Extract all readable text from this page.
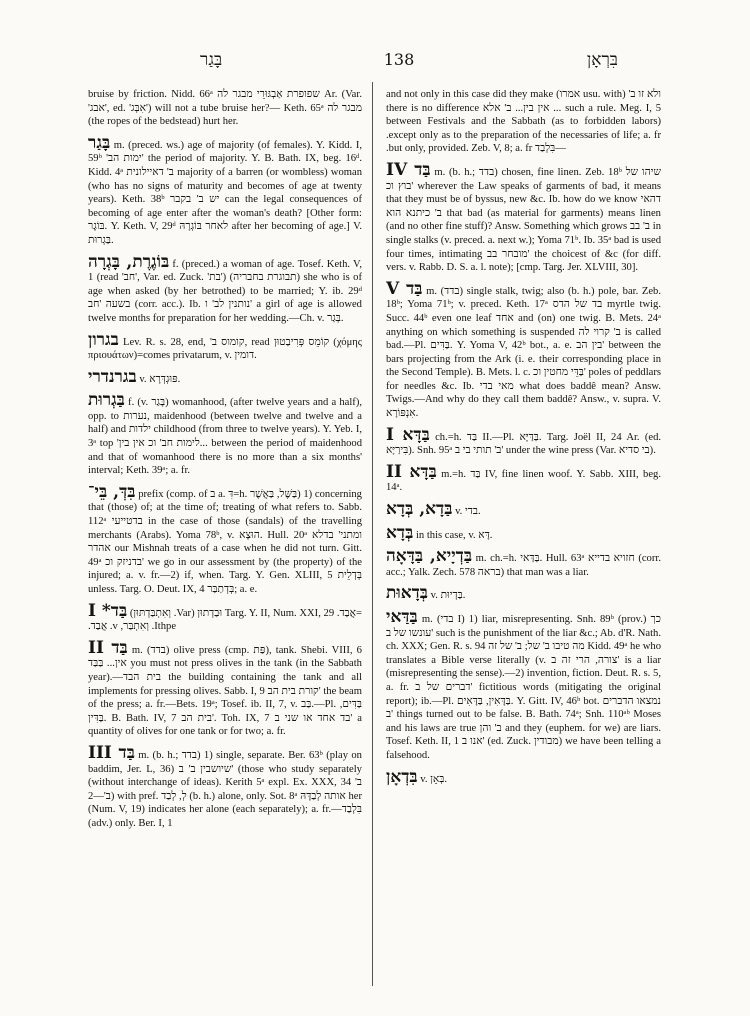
בָּגַר	138	בִּרְאָן

bruise by friction. Nidd. 66ᵃ שפופרת אַבְגּוּרֵי מבגר לה Ar. (Var. 'אבג', ed. 'אִבְּג') will not a tube bruise her?— Keth. 65ᵃ מבגר לה (the ropes of the bedstead) hurt her.

בָּגַר m. (preced. ws.) age of majority (of females). Y. Kidd. I, 59ᵇ 'ימות הב' the period of majority. Y. B. Bath. IX, beg. 16ᵈ. Kidd. 4ᵃ ב' דאיילונית majority of a barren (or wombless) woman (who has no signs of maturity and becomes of age at twenty years). Keth. 38ᵇ יש ב' בקבר can the legal consequences of becoming of age enter after the woman's death? [Other form: בּוֹגֶר. Y. Keth. V, 29ᵈ לאחר בּוֹגְרָהּ after her becoming of age.] V. בַּגְרוּת.

בּוֹגֶרֶת, בָּגְרָה f. (preced.) a woman of age. Tosef. Keth. V, 1 (read 'חב', Var. ed. Zuck. 'בת') (תבוגרת בחבריה) she who is of age when asked (by her betrothed) to be married; Y. ib. 29ᵈ בשעה 'חב (corr. acc.). Ib. נותנין לב' ו' a girl of age is allowed twelve months for preparation for her wedding.—Ch. v. בְּגַר.

בגרון Lev. R. s. 28, end, 'קומוס ב, read קוֹמֵס פְּרִיבַטוּן (χόμης πριουάτων)=comes privatarum, v. דומין.

בגרנדרי v. פּוּגְדְּרָא.

בַּגְרוּת f. (v. בָּגַר) womanhood, (after twelve years and a half), opp. to נערות, maidenhood (between twelve and twelve and a half) and ילדות childhood (from three to twelve years). Y. Yeb. I, 3ᵃ top 'לימות חב' וכ אין בין... between the period of maidenhood and that of womanhood there is no more than a six months' interval; Keth. 39ᵃ; a. fr.

בִּדְּ, בֵּי־ prefix (comp. of ב a. דִּ=h. בַּשֶּׁל, בַּאֲשֶׁר) 1) concerning that (those) of; at the time of; treating of what refers to. Sabb. 112ᵃ בדטייעי in the case of those (sandals) of the travelling merchants (Arabs). Yoma 78ᵇ, v. הוּצָא. Hull. 20ᵃ ומתני' בדלא אהדר our Mishnah treats of a case when he did not turn. Gitt. 49ᵃ בדניזק וכ' we go in our assessment by (the property) of the injured; a. v. fr.—2) if, when. Targ. Y. Gen. XLIII, 5 בְּדְלֵית unless. Targ. O. Deut. IX, 4 בְּדְתַבַּר; a. e.

בַּד* I =אֲבַד. Targ. Y. II, Num. XXI, 29 וּבַדְתוּן (Var. וְאִתְבַּדְתּוּן) Ithpe. וְאִתְבַּר, v. אֲבַד.

בַּד II m. (בדד) olive press (cmp. פַּת), tank. Shebi. VIII, 6 אין... בַּבַּד you must not press olives in the tank (in the Sabbath year).—בית הבד the building containing the tank and all implements for pressing olives. Sabb. I, 9 קורת בית הב' the beam of the press; a. fr.—Bets. 19ᵃ; Tosef. ib. II, 7, v. בַּב.—Pl. בַּדִּים, בַּדִּין. B. Bath. IV, 7 בית הב'. Toh. IX, 7 בד אחד או שני ב' a quantity of olives for one tank or for two; a. fr.

בַּד III m. (b. h.; בדד) 1) single, separate. Ber. 63ᵇ (play on baddim, Jer. L, 36) שיושבין ב' ב' (those who study separately (without interchange of ideas). Kerith 5ᵃ expl. Ex. XXX, 34 ב' ב'—2) with pref. לְ, לְבַד (b. h.) alone, only. Sot. 8ᵃ אותה לְבַדָּהּ her (Num. V, 19) indicates her alone (each separately); a. fr.—בִּלְבַד (adv.) only. Ber. I, 1

ולא זו ב' (usu. with אמרו) and not only in this case did they make such a rule. Meg. I, 5 ... אין בין... ב' אלא there is no difference between Festivals and the Sabbath (as to forbidden labors) except only as to the preparation of the necessaries of life; a. fr.—בִּלְבַד but only, provided. Zeb. V, 8; a. fr.

בַּד IV m. (b. h.; בדד) chosen, fine linen. Zeb. 18ᵇ שיהו של בוץ וכ' wherever the Law speaks of garments of bad, it means that they must be of byssus, new &c. Ib. how do we know דהאי ב' כיתנא הוא that bad (as material for garments) means linen (and no other fine stuff)? Answ. Something which grows ב' בב in single stalks (v. preced. a. next w.); Yoma 71ᵇ. Ib. 35ᵃ bad is used four times, intimating מובחר בב' the choicest of &c (for diff. vers. v. Rabb. D. S. a. l. note); [cmp. Targ. Jer. XLVIII, 30].

בַּד V m. (בדד) single stalk, twig; also (b. h.) pole, bar. Zeb. 18ᵇ; Yoma 71ᵇ; v. preced. Keth. 17ᵃ בד של הדס myrtle twig. Succ. 44ᵇ even one leaf אחד and (on) one twig. B. Mets. 24ᵃ anything on which something is suspended ב' קרוי לה is called bad.—Pl. בַּדִּים. Y. Yoma V, 42ᵇ bot., a. e. בין הב' between the bars projecting from the Ark (i. e. their corresponding place in the Second Temple). B. Mets. l. c. בַּדֵּי מחטין וכ' poles of peddlars for needles &c. Ib. מאי בדי what does baddê mean? Answ. Twigs.—And why do they call them baddê? Answ., v. supra. V. אִנְפּוֹרָא.

בַּדָּא I ch.=h. בַּד II.—Pl. בַּדַּיָּא. Targ. Joël II, 24 Ar. (ed. בִּירַיָּא). Snh. 95ᵃ ב' תותי בי ב' under the wine press (Var. בי סדיא).

בַּדָּא II m.=h. בַּד IV, fine linen woof. Y. Sabb. XIII, beg. 14ᵃ.

בַּדָא, בְּדָא v. בדי.

בְּדָא in this case, v. דָּא.

בַּדְיָיא, בַּדָּאָה m. ch.=h. בַּדַּאי. Hull. 63ᵃ חזויא בדייא (corr. acc.; Yalk. Zech. 578 בראה) that man was a liar.

בְּדָאוּת v. בַּדְיוּת.

בַּדַּאי m. (בדי I) 1) liar, misrepresenting. Snh. 89ᵇ (prov.) כך עונשו של ב' such is the punishment of the liar &c.; Ab. d'R. Nath. ch. XXX; Gen. R. s. 94 מה טיבו ב' של; ב' של זה Kidd. 49ᵃ he who translates a Bible verse literally (v. צורה, הרי זה ב' is a liar (misrepresenting the sense).—2) invention, fiction. Deut. R. s. 5, a. fr. דברים של ב' fictitious words (mitigating the original report); ib.—Pl. בַּדָּאִין, בַּדָּאִים. Y. Gitt. IV, 46ᵇ bot. נמצאו הדברים ב' things turned out to be false. B. Bath. 74ᵃ; Snh. 110ᵃᵇ Moses and his laws are true ב' והן and they (euphem. for we) are liars. Tosef. Keth. II, 1 אנו ב' (ed. Zuck. מבודין) we have been telling a falsehood.

בִּדְאָן v. בְּאָן.
